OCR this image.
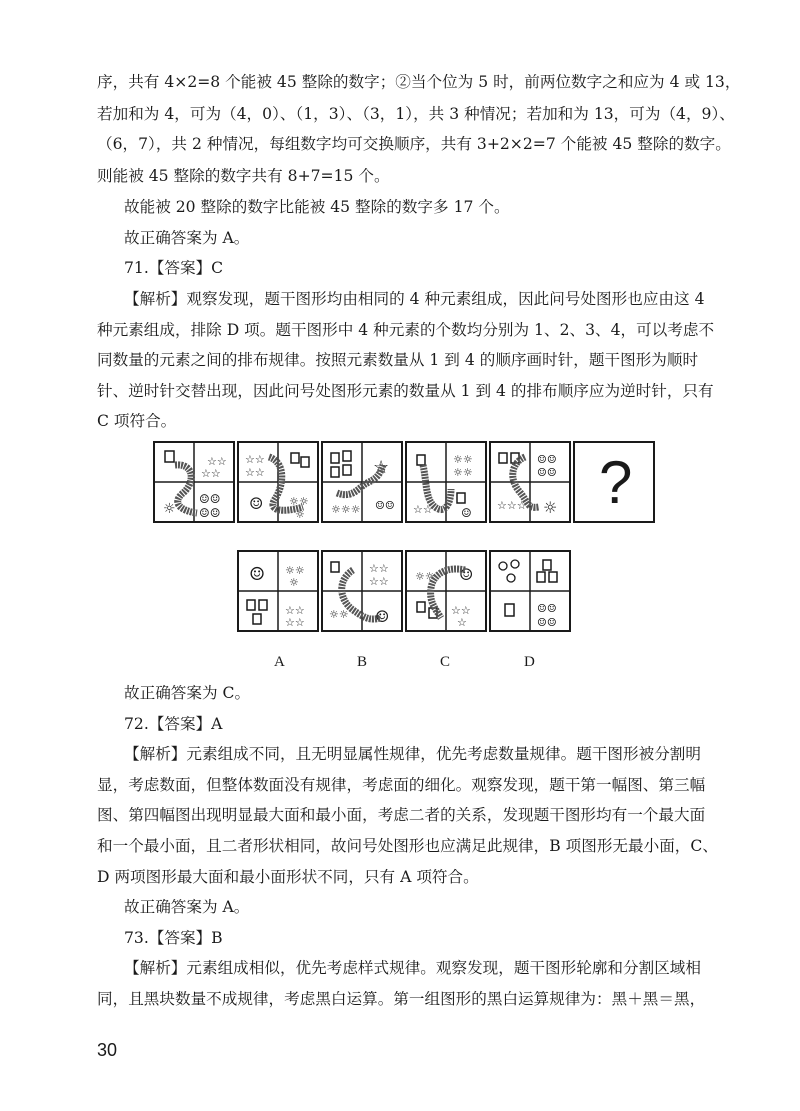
序，共有 4×2=8 个能被 45 整除的数字；②当个位为 5 时，前两位数字之和应为 4 或 13，
若加和为 4，可为（4，0）、（1，3）、（3，1），共 3 种情况；若加和为 13，可为（4，9）、
（6，7），共 2 种情况，每组数字均可交换顺序，共有 3+2×2=7 个能被 45 整除的数字。
则能被 45 整除的数字共有 8+7=15 个。
故能被 20 整除的数字比能被 45 整除的数字多 17 个。
故正确答案为 A。
71.【答案】C
【解析】观察发现，题干图形均由相同的 4 种元素组成，因此问号处图形也应由这 4
种元素组成，排除 D 项。题干图形中 4 种元素的个数均分别为 1、2、3、4，可以考虑不
同数量的元素之间的排布规律。按照元素数量从 1 到 4 的顺序画时针，题干图形为顺时
针、逆时针交替出现，因此问号处图形元素的数量从 1 到 4 的排布顺序应为逆时针，只有
C 项符合。
☆☆
☆☆
☼
☺☺
☺☺
☆☆
☆☆
☺ ☼☼
☼
☆
☼☼☼ ☺☺
☼☼
☼☼
☆☆ ☺
☺☺
☺☺
☆☆☆ ☼ ?
☺ ☼☼
☼
☆☆
☆☆
☆☆
☆☆
☼☼ ☺
☼☼ ☺
☆☆
☆
☺☺
☺☺
A	B	C	D
故正确答案为 C。
72.【答案】A
【解析】元素组成不同，且无明显属性规律，优先考虑数量规律。题干图形被分割明
显，考虑数面，但整体数面没有规律，考虑面的细化。观察发现，题干第一幅图、第三幅
图、第四幅图出现明显最大面和最小面，考虑二者的关系，发现题干图形均有一个最大面
和一个最小面，且二者形状相同，故问号处图形也应满足此规律，B 项图形无最小面，C、
D 两项图形最大面和最小面形状不同，只有 A 项符合。
故正确答案为 A。
73.【答案】B
【解析】元素组成相似，优先考虑样式规律。观察发现，题干图形轮廓和分割区域相
同，且黑块数量不成规律，考虑黑白运算。第一组图形的黑白运算规律为：黑＋黑＝黑，
30
